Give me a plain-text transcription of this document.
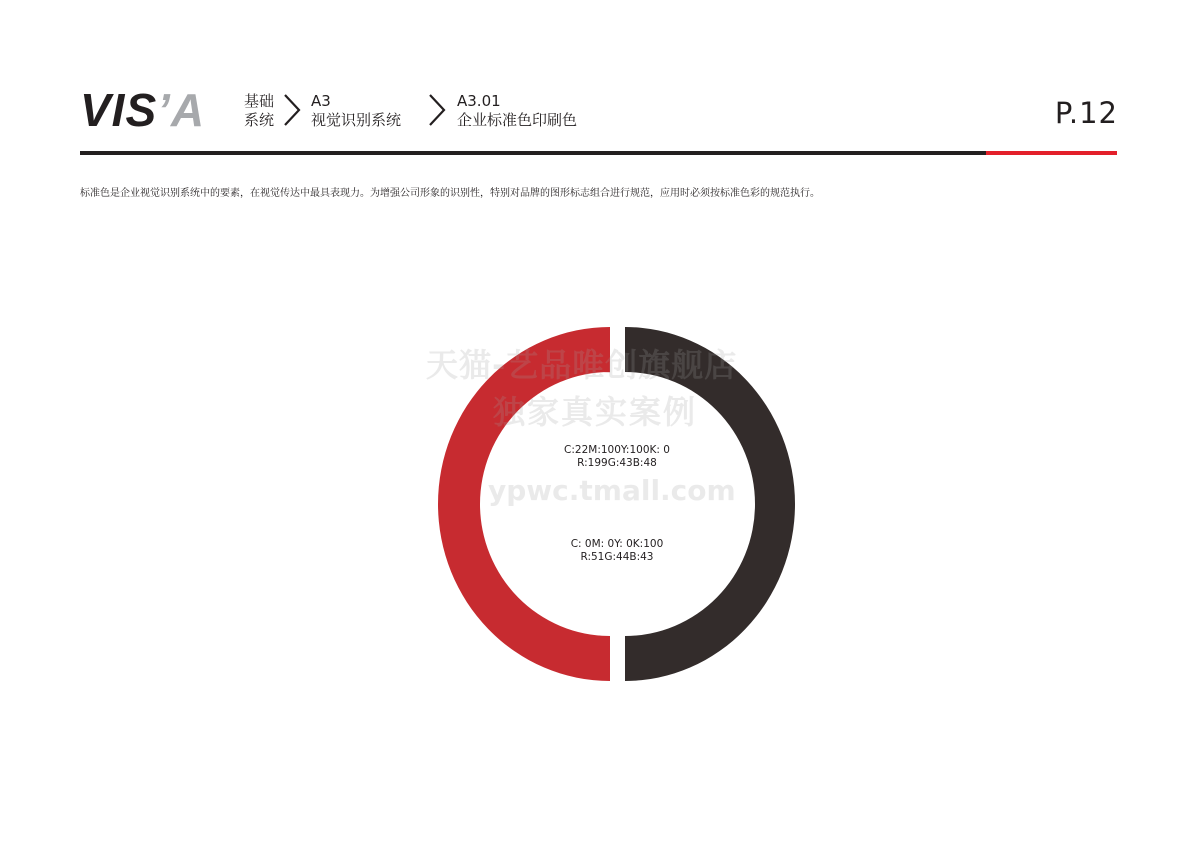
VIS’A	基础
系统
A3
视觉识别系统
A3.01
企业标准色印刷色	P.12
标准色是企业视觉识别系统中的要素，在视觉传达中最具表现力。为增强公司形象的识别性，特别对品牌的图形标志组合进行规范，应用时必须按标准色彩的规范执行。
C:22M:100Y:100K: 0
R:199G:43B:48
C: 0M: 0Y: 0K:100
R:51G:44B:43
天猫-艺品唯创旗舰店
独家真实案例
ypwc.tmall.com
